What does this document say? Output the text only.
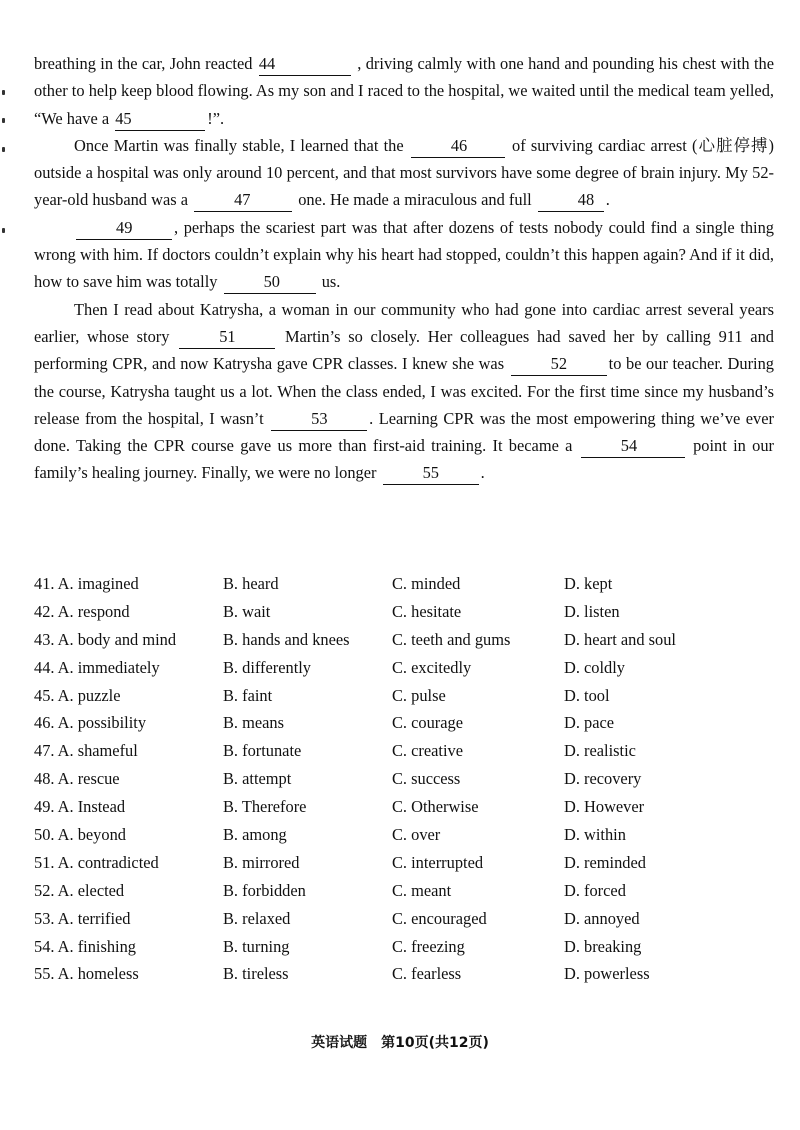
breathing in the car, John reacted 44	, driving calmly with one hand and pounding his chest with the other to help keep blood flowing. As my son and I raced to the hospital, we waited until the medical team yelled, “We have a 45	!”.

Once Martin was finally stable, I learned that the	46	of surviving cardiac arrest (心脏停搏) outside a hospital was only around 10 percent, and that most survivors have some degree of brain injury. My 52-year-old husband was a	47	one. He made a miraculous and full	48 .

49	, perhaps the scariest part was that after dozens of tests nobody could find a single thing wrong with him. If doctors couldn’t explain why his heart had stopped, couldn’t this happen again? And if it did, how to save him was totally	50	us.

Then I read about Katrysha, a woman in our community who had gone into cardiac arrest several years earlier, whose story	51	Martin’s so closely. Her colleagues had saved her by calling 911 and performing CPR, and now Katrysha gave CPR classes. I knew she was	52	to be our teacher. During the course, Katrysha taught us a lot. When the class ended, I was excited. For the first time since my husband’s release from the hospital, I wasn’t	53	. Learning CPR was the most empowering thing we’ve ever done. Taking the CPR course gave us more than first-aid training. It became a	54	point in our family’s healing journey. Finally, we were no longer	55	.

41. A. imagined	B. heard	C. minded	D. kept
42. A. respond	B. wait	C. hesitate	D. listen
43. A. body and mind	B. hands and knees	C. teeth and gums	D. heart and soul
44. A. immediately	B. differently	C. excitedly	D. coldly
45. A. puzzle	B. faint	C. pulse	D. tool
46. A. possibility	B. means	C. courage	D. pace
47. A. shameful	B. fortunate	C. creative	D. realistic
48. A. rescue	B. attempt	C. success	D. recovery
49. A. Instead	B. Therefore	C. Otherwise	D. However
50. A. beyond	B. among	C. over	D. within
51. A. contradicted	B. mirrored	C. interrupted	D. reminded
52. A. elected	B. forbidden	C. meant	D. forced
53. A. terrified	B. relaxed	C. encouraged	D. annoyed
54. A. finishing	B. turning	C. freezing	D. breaking
55. A. homeless	B. tireless	C. fearless	D. powerless
英语试题　第10页(共12页)
